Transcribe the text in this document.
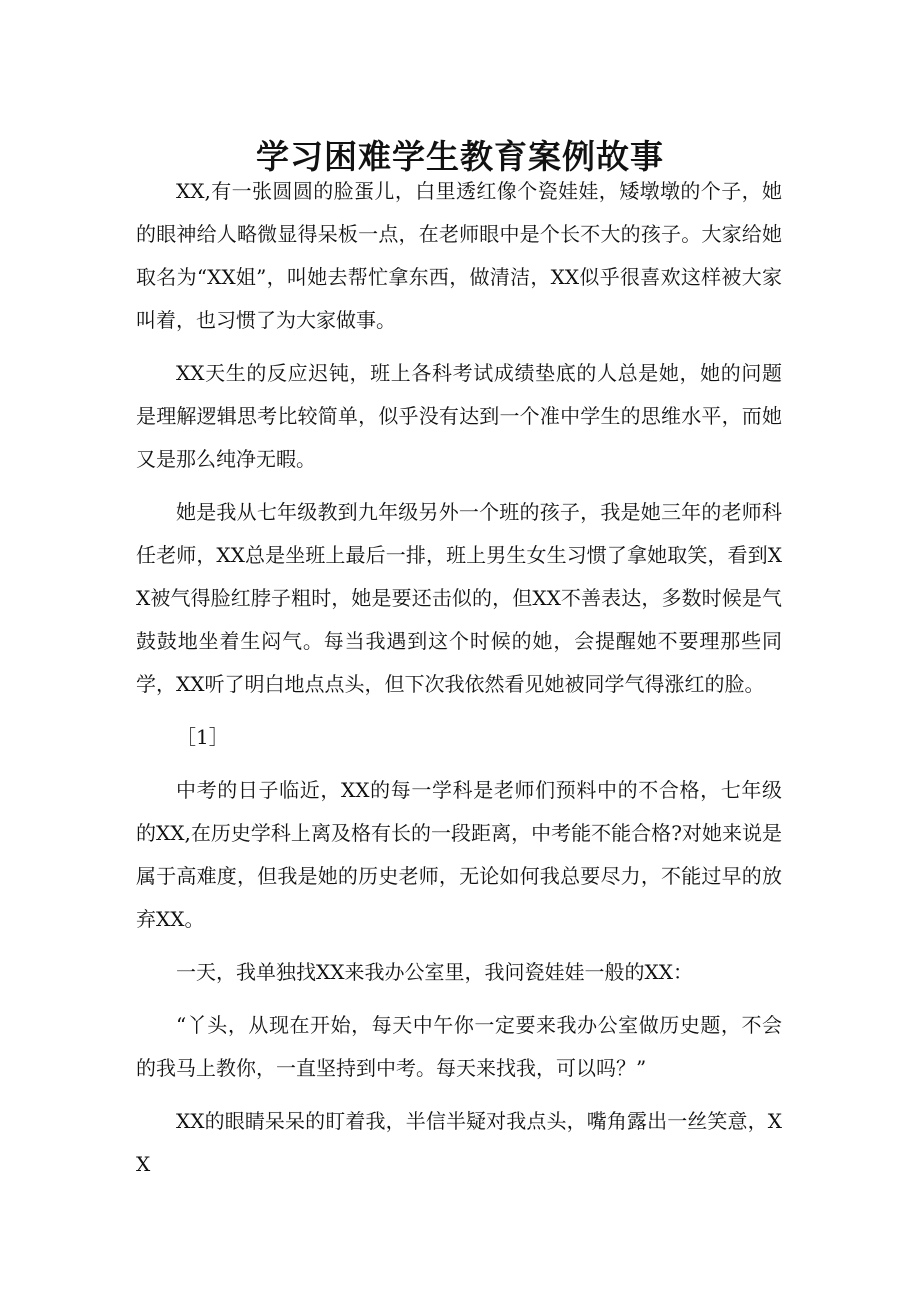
学习困难学生教育案例故事

XX,有一张圆圆的脸蛋儿，白里透红像个瓷娃娃，矮墩墩的个子，她的眼神给人略微显得呆板一点，在老师眼中是个长不大的孩子。大家给她取名为“XX姐”，叫她去帮忙拿东西，做清洁，XX似乎很喜欢这样被大家叫着，也习惯了为大家做事。

XX天生的反应迟钝，班上各科考试成绩垫底的人总是她，她的问题是理解逻辑思考比较简单，似乎没有达到一个准中学生的思维水平，而她又是那么纯净无暇。

她是我从七年级教到九年级另外一个班的孩子，我是她三年的老师科任老师，XX总是坐班上最后一排，班上男生女生习惯了拿她取笑，看到XX被气得脸红脖子粗时，她是要还击似的，但XX不善表达，多数时候是气鼓鼓地坐着生闷气。每当我遇到这个时候的她，会提醒她不要理那些同学，XX听了明白地点点头，但下次我依然看见她被同学气得涨红的脸。

［1］

中考的日子临近，XX的每一学科是老师们预料中的不合格，七年级的XX,在历史学科上离及格有长的一段距离，中考能不能合格?对她来说是属于高难度，但我是她的历史老师，无论如何我总要尽力，不能过早的放弃XX。

一天，我单独找XX来我办公室里，我问瓷娃娃一般的XX：

“丫头，从现在开始，每天中午你一定要来我办公室做历史题，不会的我马上教你，一直坚持到中考。每天来找我，可以吗？”

XX的眼睛呆呆的盯着我，半信半疑对我点头，嘴角露出一丝笑意，XX
